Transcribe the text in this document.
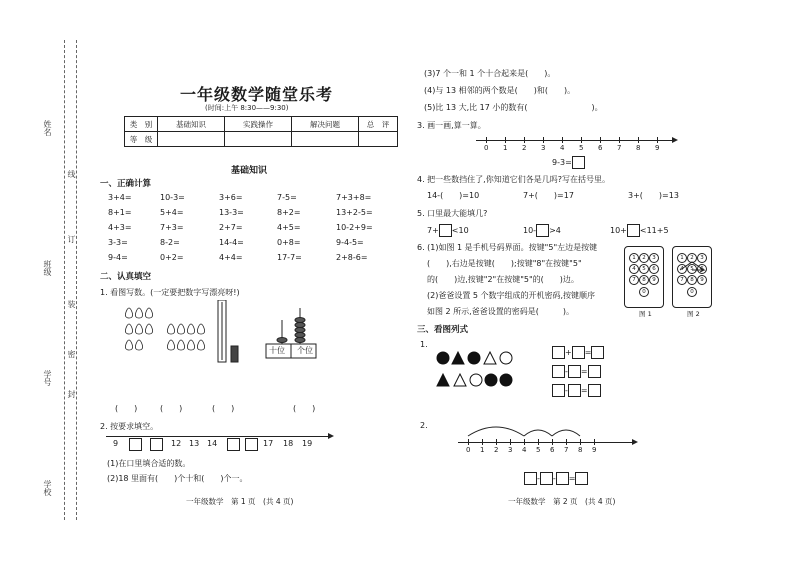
姓名
班级
学号
学校
线
订
装
密
封
一年级数学随堂乐考
(时间:上午 8:30——9:30)
类　别	基础知识	实践操作	解决问题	总　评
等　级				
基础知识
一、正确计算
3+4=	10-3=	3+6=	7-5=	7+3+8=
8+1=	5+4=	13-3=	8+2=	13+2-5=
4+3=	7+3=	2+7=	4+5=	10-2+9=
3-3=	8-2=	14-4=	0+8=	9-4-5=
9-4=	0+2=	4+4=	17-7=	2+8-6=
二、认真填空
1. 看图写数。(一定要把数字写漂亮呀!)
十位 个位
(　　)	(　　)	(　　)	(　　)
2. 按要求填空。
9	12 13 14	17 18 19
(1)在口里填合适的数。
(2)18 里面有(　　)个十和(　　)个一。
一年级数学　第 1 页　(共 4 页)
(3)7 个一和 1 个十合起来是(　　)。
(4)与 13 相邻的两个数是(　　)和(　　)。
(5)比 13 大,比 17 小的数有(　　　　　　　　)。
3. 画一画,算一算。
0 1 2 3 4 5 6 7 8 9
9-3=
4. 把一些数挡住了,你知道它们各是几吗?写在括号里。
14-(　　)=10	7+(　　)=17	3+(　　)=13
5. 口里最大能填几?
7+ <10	10- >4	10+ <11+5
6. (1)如图 1 是手机号码界面。按键"5"左边是按键
(　　),右边是按键(　　);按键"8"在按键"5"
的(　　)边,按键"2"在按键"5"的(　　)边。
(2)爸爸设置 5 个数字组成的开机密码,按键顺序
如图 2 所示,爸爸设置的密码是(　　　)。
1	2	3
4	5	6
7	8	9
0
1	2	3
4	5	6
7	8	9
0
图 1	图 2
三、看图列式
1.
+ =
- =
- =
2.
0 1 2 3 4 5 6 7 8 9
- - =
一年级数学　第 2 页　(共 4 页)
